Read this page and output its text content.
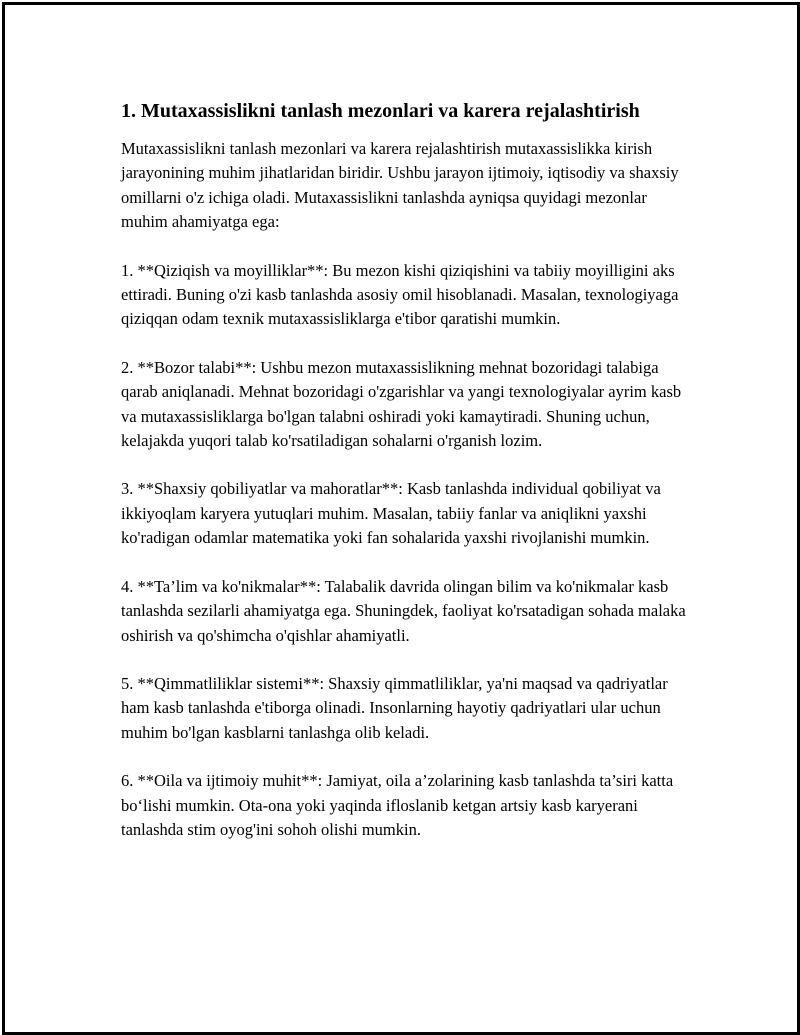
1. Mutaxassislikni tanlash mezonlari va karera rejalashtirish

Mutaxassislikni tanlash mezonlari va karera rejalashtirish mutaxassislikka kirish jarayonining muhim jihatlaridan biridir. Ushbu jarayon ijtimoiy, iqtisodiy va shaxsiy omillarni o'z ichiga oladi. Mutaxassislikni tanlashda ayniqsa quyidagi mezonlar muhim ahamiyatga ega:

1. **Qiziqish va moyilliklar**: Bu mezon kishi qiziqishini va tabiiy moyilligini aks ettiradi. Buning o'zi kasb tanlashda asosiy omil hisoblanadi. Masalan, texnologiyaga qiziqqan odam texnik mutaxassisliklarga e'tibor qaratishi mumkin.

2. **Bozor talabi**: Ushbu mezon mutaxassislikning mehnat bozoridagi talabiga qarab aniqlanadi. Mehnat bozoridagi o'zgarishlar va yangi texnologiyalar ayrim kasb va mutaxassisliklarga bo'lgan talabni oshiradi yoki kamaytiradi. Shuning uchun, kelajakda yuqori talab ko'rsatiladigan sohalarni o'rganish lozim.

3. **Shaxsiy qobiliyatlar va mahoratlar**: Kasb tanlashda individual qobiliyat va ikkiyoqlam karyera yutuqlari muhim. Masalan, tabiiy fanlar va aniqlikni yaxshi ko'radigan odamlar matematika yoki fan sohalarida yaxshi rivojlanishi mumkin.

4. **Ta’lim va ko'nikmalar**: Talabalik davrida olingan bilim va ko'nikmalar kasb tanlashda sezilarli ahamiyatga ega. Shuningdek, faoliyat ko'rsatadigan sohada malaka oshirish va qo'shimcha o'qishlar ahamiyatli.

5. **Qimmatliliklar sistemi**: Shaxsiy qimmatliliklar, ya'ni maqsad va qadriyatlar ham kasb tanlashda e'tiborga olinadi. Insonlarning hayotiy qadriyatlari ular uchun muhim bo'lgan kasblarni tanlashga olib keladi.

6. **Oila va ijtimoiy muhit**: Jamiyat, oila a’zolarining kasb tanlashda ta’siri katta bo‘lishi mumkin. Ota-ona yoki yaqinda ifloslanib ketgan artsiy kasb karyerani tanlashda stim oyog'ini sohoh olishi mumkin.
